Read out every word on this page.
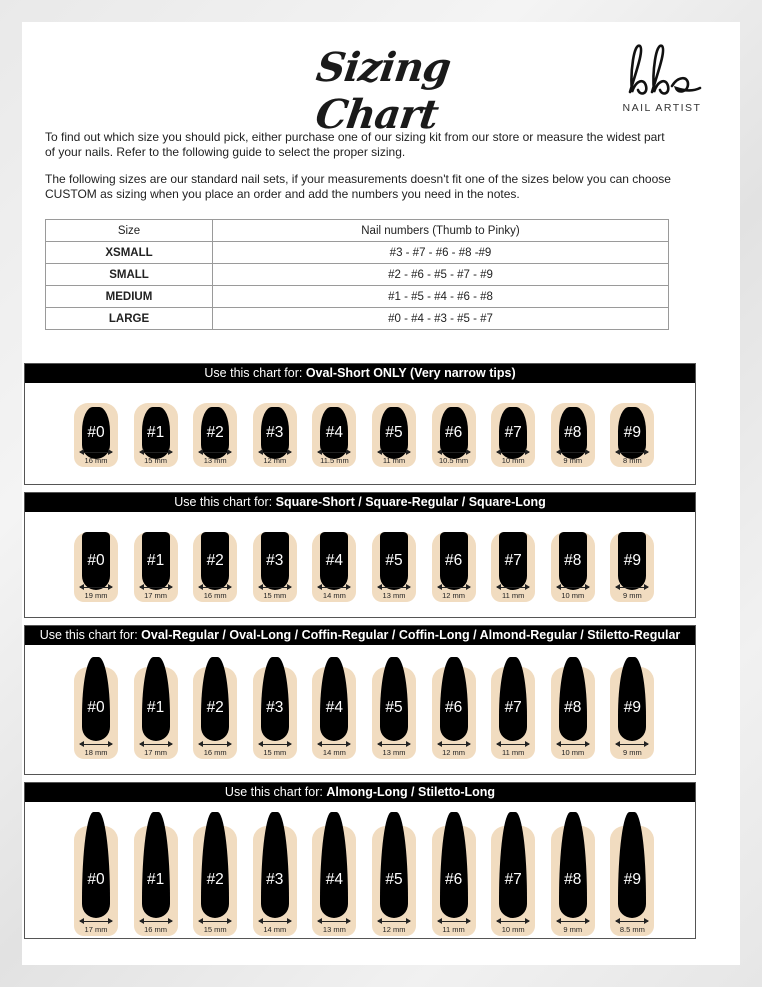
Sizing Chart	NAIL ARTIST
To find out which size you should pick, either purchase one of our sizing kit from our store or measure the widest part of your nails. Refer to the following guide to select the proper sizing.
The following sizes are our standard nail sets, if your measurements doesn't fit one of the sizes below you can choose CUSTOM as sizing when you place an order and add the numbers you need in the notes.
Size	Nail numbers (Thumb to Pinky)
XSMALL	#3 - #7 - #6 - #8 -#9
SMALL	#2 - #6 - #5 - #7 - #9
MEDIUM	#1 - #5 - #4 - #6 - #8
LARGE	#0 - #4 - #3 - #5 - #7
Use this chart for: Oval-Short ONLY (Very narrow tips)
#0
16 mm
#1
15 mm
#2
13 mm
#3
12 mm
#4
11.5 mm
#5
11 mm
#6
10.5 mm
#7
10 mm
#8
9 mm
#9
8 mm
Use this chart for: Square-Short / Square-Regular / Square-Long
#0
19 mm
#1
17 mm
#2
16 mm
#3
15 mm
#4
14 mm
#5
13 mm
#6
12 mm
#7
11 mm
#8
10 mm
#9
9 mm
Use this chart for: Oval-Regular / Oval-Long / Coffin-Regular / Coffin-Long / Almond-Regular / Stiletto-Regular
#0
18 mm
#1
17 mm
#2
16 mm
#3
15 mm
#4
14 mm
#5
13 mm
#6
12 mm
#7
11 mm
#8
10 mm
#9
9 mm
Use this chart for: Almong-Long / Stiletto-Long
#0
17 mm
#1
16 mm
#2
15 mm
#3
14 mm
#4
13 mm
#5
12 mm
#6
11 mm
#7
10 mm
#8
9 mm
#9
8.5 mm
